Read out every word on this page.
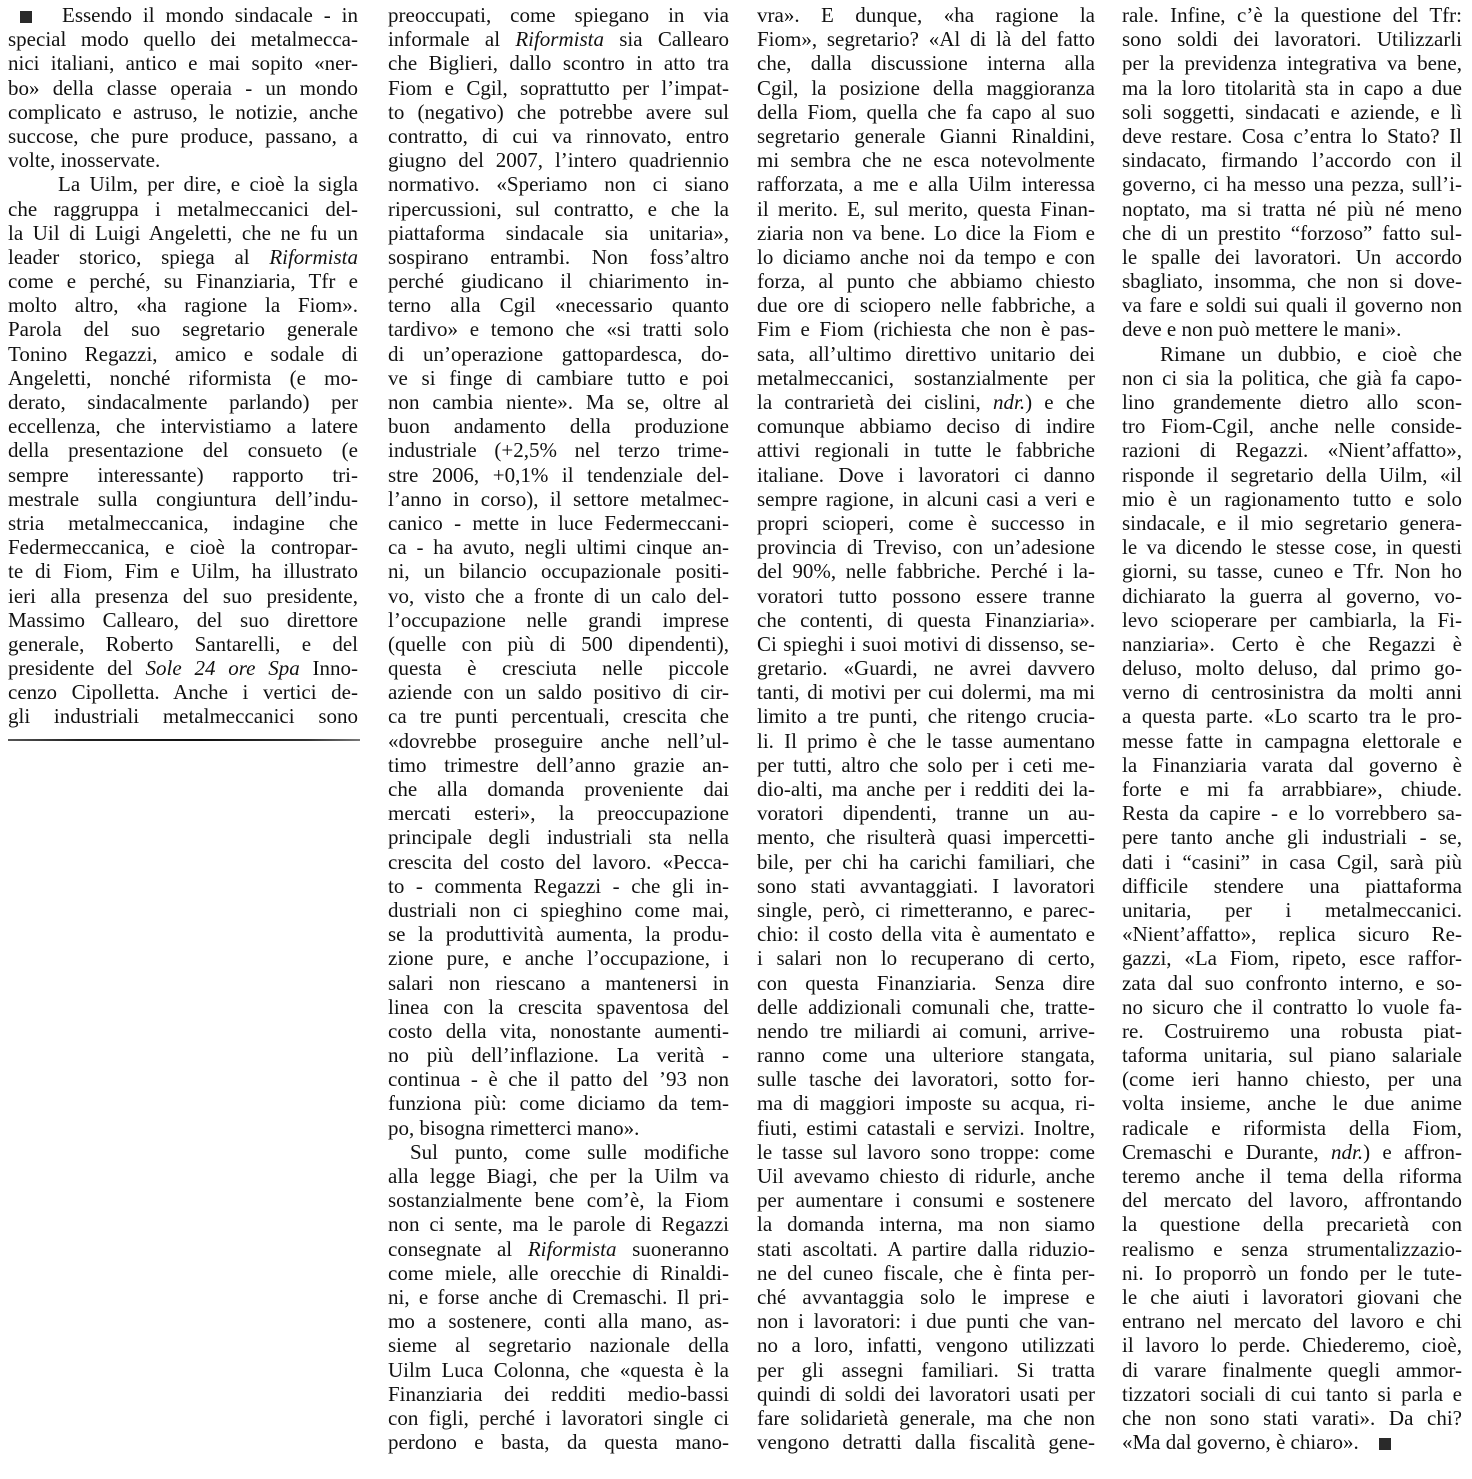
Essendo il mondo sindacale - in
special modo quello dei metalmecca-
nici italiani, antico e mai sopito «ner-
bo» della classe operaia - un mondo
complicato e astruso, le notizie, anche
succose, che pure produce, passano, a
volte, inosservate.
La Uilm, per dire, e cioè la sigla
che raggruppa i metalmeccanici del-
la Uil di Luigi Angeletti, che ne fu un
leader storico, spiega al Riformista
come e perché, su Finanziaria, Tfr e
molto altro, «ha ragione la Fiom».
Parola del suo segretario generale
Tonino Regazzi, amico e sodale di
Angeletti, nonché riformista (e mo-
derato, sindacalmente parlando) per
eccellenza, che intervistiamo a latere
della presentazione del consueto (e
sempre interessante) rapporto tri-
mestrale sulla congiuntura dell’indu-
stria metalmeccanica, indagine che
Federmeccanica, e cioè la contropar-
te di Fiom, Fim e Uilm, ha illustrato
ieri alla presenza del suo presidente,
Massimo Callearo, del suo direttore
generale, Roberto Santarelli, e del
presidente del Sole 24 ore Spa Inno-
cenzo Cipolletta. Anche i vertici de-
gli industriali metalmeccanici sono
preoccupati, come spiegano in via
informale al Riformista sia Callearo
che Biglieri, dallo scontro in atto tra
Fiom e Cgil, soprattutto per l’impat-
to (negativo) che potrebbe avere sul
contratto, di cui va rinnovato, entro
giugno del 2007, l’intero quadriennio
normativo. «Speriamo non ci siano
ripercussioni, sul contratto, e che la
piattaforma sindacale sia unitaria»,
sospirano entrambi. Non foss’altro
perché giudicano il chiarimento in-
terno alla Cgil «necessario quanto
tardivo» e temono che «si tratti solo
di un’operazione gattopardesca, do-
ve si finge di cambiare tutto e poi
non cambia niente». Ma se, oltre al
buon andamento della produzione
industriale (+2,5% nel terzo trime-
stre 2006, +0,1% il tendenziale del-
l’anno in corso), il settore metalmec-
canico - mette in luce Federmeccani-
ca - ha avuto, negli ultimi cinque an-
ni, un bilancio occupazionale positi-
vo, visto che a fronte di un calo del-
l’occupazione nelle grandi imprese
(quelle con più di 500 dipendenti),
questa è cresciuta nelle piccole
aziende con un saldo positivo di cir-
ca tre punti percentuali, crescita che
«dovrebbe proseguire anche nell’ul-
timo trimestre dell’anno grazie an-
che alla domanda proveniente dai
mercati esteri», la preoccupazione
principale degli industriali sta nella
crescita del costo del lavoro. «Pecca-
to - commenta Regazzi - che gli in-
dustriali non ci spieghino come mai,
se la produttività aumenta, la produ-
zione pure, e anche l’occupazione, i
salari non riescano a mantenersi in
linea con la crescita spaventosa del
costo della vita, nonostante aumenti-
no più dell’inflazione. La verità -
continua - è che il patto del ’93 non
funziona più: come diciamo da tem-
po, bisogna rimetterci mano».
Sul punto, come sulle modifiche
alla legge Biagi, che per la Uilm va
sostanzialmente bene com’è, la Fiom
non ci sente, ma le parole di Regazzi
consegnate al Riformista suoneranno
come miele, alle orecchie di Rinaldi-
ni, e forse anche di Cremaschi. Il pri-
mo a sostenere, conti alla mano, as-
sieme al segretario nazionale della
Uilm Luca Colonna, che «questa è la
Finanziaria dei redditi medio-bassi
con figli, perché i lavoratori single ci
perdono e basta, da questa mano-
vra». E dunque, «ha ragione la
Fiom», segretario? «Al di là del fatto
che, dalla discussione interna alla
Cgil, la posizione della maggioranza
della Fiom, quella che fa capo al suo
segretario generale Gianni Rinaldini,
mi sembra che ne esca notevolmente
rafforzata, a me e alla Uilm interessa
il merito. E, sul merito, questa Finan-
ziaria non va bene. Lo dice la Fiom e
lo diciamo anche noi da tempo e con
forza, al punto che abbiamo chiesto
due ore di sciopero nelle fabbriche, a
Fim e Fiom (richiesta che non è pas-
sata, all’ultimo direttivo unitario dei
metalmeccanici, sostanzialmente per
la contrarietà dei cislini, ndr.) e che
comunque abbiamo deciso di indire
attivi regionali in tutte le fabbriche
italiane. Dove i lavoratori ci danno
sempre ragione, in alcuni casi a veri e
propri scioperi, come è successo in
provincia di Treviso, con un’adesione
del 90%, nelle fabbriche. Perché i la-
voratori tutto possono essere tranne
che contenti, di questa Finanziaria».
Ci spieghi i suoi motivi di dissenso, se-
gretario. «Guardi, ne avrei davvero
tanti, di motivi per cui dolermi, ma mi
limito a tre punti, che ritengo crucia-
li. Il primo è che le tasse aumentano
per tutti, altro che solo per i ceti me-
dio-alti, ma anche per i redditi dei la-
voratori dipendenti, tranne un au-
mento, che risulterà quasi impercetti-
bile, per chi ha carichi familiari, che
sono stati avvantaggiati. I lavoratori
single, però, ci rimetteranno, e parec-
chio: il costo della vita è aumentato e
i salari non lo recuperano di certo,
con questa Finanziaria. Senza dire
delle addizionali comunali che, tratte-
nendo tre miliardi ai comuni, arrive-
ranno come una ulteriore stangata,
sulle tasche dei lavoratori, sotto for-
ma di maggiori imposte su acqua, ri-
fiuti, estimi catastali e servizi. Inoltre,
le tasse sul lavoro sono troppe: come
Uil avevamo chiesto di ridurle, anche
per aumentare i consumi e sostenere
la domanda interna, ma non siamo
stati ascoltati. A partire dalla riduzio-
ne del cuneo fiscale, che è finta per-
ché avvantaggia solo le imprese e
non i lavoratori: i due punti che van-
no a loro, infatti, vengono utilizzati
per gli assegni familiari. Si tratta
quindi di soldi dei lavoratori usati per
fare solidarietà generale, ma che non
vengono detratti dalla fiscalità gene-
rale. Infine, c’è la questione del Tfr:
sono soldi dei lavoratori. Utilizzarli
per la previdenza integrativa va bene,
ma la loro titolarità sta in capo a due
soli soggetti, sindacati e aziende, e lì
deve restare. Cosa c’entra lo Stato? Il
sindacato, firmando l’accordo con il
governo, ci ha messo una pezza, sull’i-
noptato, ma si tratta né più né meno
che di un prestito “forzoso” fatto sul-
le spalle dei lavoratori. Un accordo
sbagliato, insomma, che non si dove-
va fare e soldi sui quali il governo non
deve e non può mettere le mani».
Rimane un dubbio, e cioè che
non ci sia la politica, che già fa capo-
lino grandemente dietro allo scon-
tro Fiom-Cgil, anche nelle conside-
razioni di Regazzi. «Nient’affatto»,
risponde il segretario della Uilm, «il
mio è un ragionamento tutto e solo
sindacale, e il mio segretario genera-
le va dicendo le stesse cose, in questi
giorni, su tasse, cuneo e Tfr. Non ho
dichiarato la guerra al governo, vo-
levo scioperare per cambiarla, la Fi-
nanziaria». Certo è che Regazzi è
deluso, molto deluso, dal primo go-
verno di centrosinistra da molti anni
a questa parte. «Lo scarto tra le pro-
messe fatte in campagna elettorale e
la Finanziaria varata dal governo è
forte e mi fa arrabbiare», chiude.
Resta da capire - e lo vorrebbero sa-
pere tanto anche gli industriali - se,
dati i “casini” in casa Cgil, sarà più
difficile stendere una piattaforma
unitaria, per i metalmeccanici.
«Nient’affatto», replica sicuro Re-
gazzi, «La Fiom, ripeto, esce raffor-
zata dal suo confronto interno, e so-
no sicuro che il contratto lo vuole fa-
re. Costruiremo una robusta piat-
taforma unitaria, sul piano salariale
(come ieri hanno chiesto, per una
volta insieme, anche le due anime
radicale e riformista della Fiom,
Cremaschi e Durante, ndr.) e affron-
teremo anche il tema della riforma
del mercato del lavoro, affrontando
la questione della precarietà con
realismo e senza strumentalizzazio-
ni. Io proporrò un fondo per le tute-
le che aiuti i lavoratori giovani che
entrano nel mercato del lavoro e chi
il lavoro lo perde. Chiederemo, cioè,
di varare finalmente quegli ammor-
tizzatori sociali di cui tanto si parla e
che non sono stati varati». Da chi?
«Ma dal governo, è chiaro».
